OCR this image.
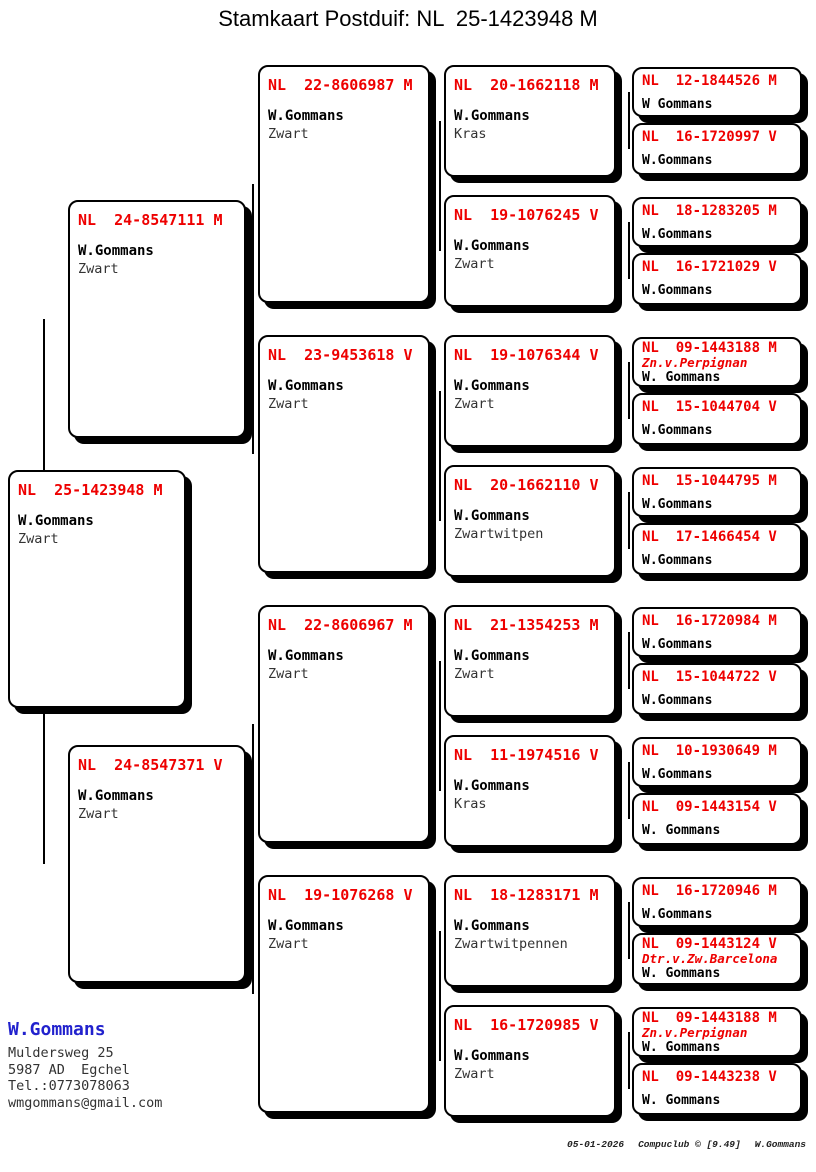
Stamkaart Postduif: NL  25-1423948 M
NL  25-1423948 M
W.Gommans
Zwart
NL  24-8547111 M
W.Gommans
Zwart
NL  24-8547371 V
W.Gommans
Zwart
NL  22-8606987 M
W.Gommans
Zwart
NL  23-9453618 V
W.Gommans
Zwart
NL  22-8606967 M
W.Gommans
Zwart
NL  19-1076268 V
W.Gommans
Zwart
NL  20-1662118 M
W.Gommans
Kras
NL  19-1076245 V
W.Gommans
Zwart
NL  19-1076344 V
W.Gommans
Zwart
NL  20-1662110 V
W.Gommans
Zwartwitpen
NL  21-1354253 M
W.Gommans
Zwart
NL  11-1974516 V
W.Gommans
Kras
NL  18-1283171 M
W.Gommans
Zwartwitpennen
NL  16-1720985 V
W.Gommans
Zwart
NL  12-1844526 M
W Gommans
NL  16-1720997 V
W.Gommans
NL  18-1283205 M
W.Gommans
NL  16-1721029 V
W.Gommans
NL  09-1443188 M
Zn.v.Perpignan
W. Gommans
NL  15-1044704 V
W.Gommans
NL  15-1044795 M
W.Gommans
NL  17-1466454 V
W.Gommans
NL  16-1720984 M
W.Gommans
NL  15-1044722 V
W.Gommans
NL  10-1930649 M
W.Gommans
NL  09-1443154 V
W. Gommans
NL  16-1720946 M
W.Gommans
NL  09-1443124 V
Dtr.v.Zw.Barcelona
W. Gommans
NL  09-1443188 M
Zn.v.Perpignan
W. Gommans
NL  09-1443238 V
W. Gommans
W.Gommans
Muldersweg 25
5987 AD  Egchel
Tel.:0773078063
wmgommans@gmail.com

05-01-2026 Compuclub © [9.49] W.Gommans
